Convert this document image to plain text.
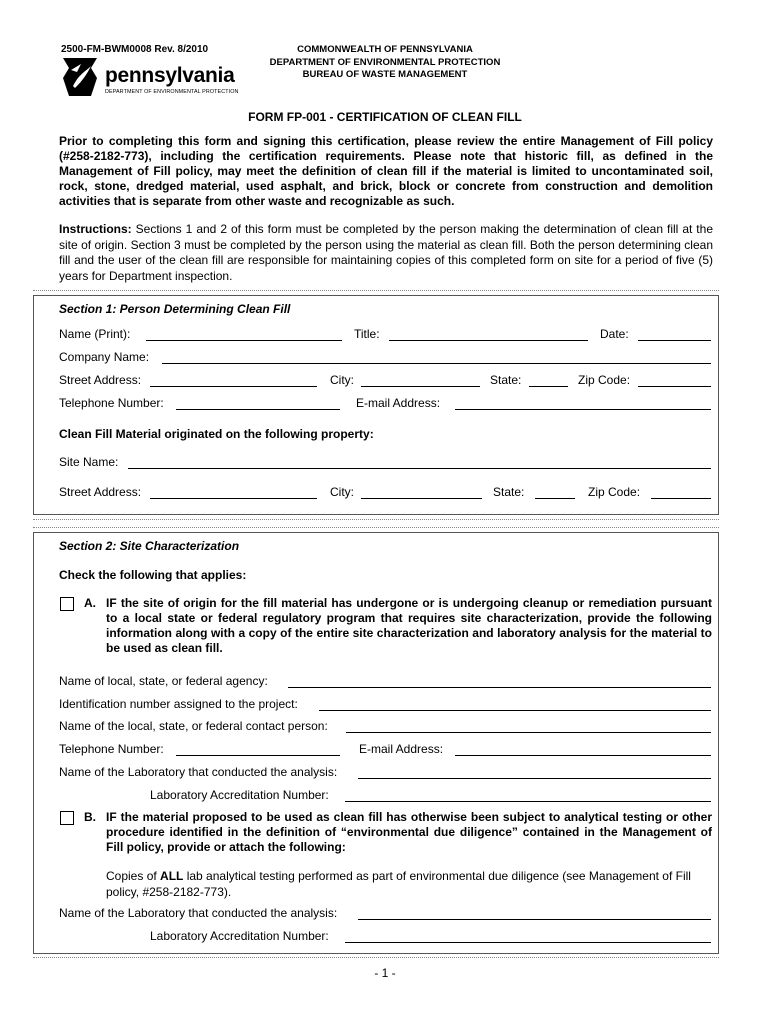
2500-FM-BWM0008 Rev. 8/2010	COMMONWEALTH OF PENNSYLVANIA
DEPARTMENT OF ENVIRONMENTAL PROTECTION
BUREAU OF WASTE MANAGEMENT
pennsylvania
DEPARTMENT OF ENVIRONMENTAL PROTECTION
FORM FP-001 - CERTIFICATION OF CLEAN FILL
Prior to completing this form and signing this certification, please review the entire Management of Fill policy (#258-2182-773), including the certification requirements. Please note that historic fill, as defined in the Management of Fill policy, may meet the definition of clean fill if the material is limited to uncontaminated soil, rock, stone, dredged material, used asphalt, and brick, block or concrete from construction and demolition activities that is separate from other waste and recognizable as such.
Instructions: Sections 1 and 2 of this form must be completed by the person making the determination of clean fill at the site of origin. Section 3 must be completed by the person using the material as clean fill. Both the person determining clean fill and the user of the clean fill are responsible for maintaining copies of this completed form on site for a period of five (5) years for Department inspection.
Section 1: Person Determining Clean Fill
Name (Print):	Title:	Date:
Company Name:
Street Address:	City:	State:	Zip Code:
Telephone Number:	E-mail Address:
Clean Fill Material originated on the following property:
Site Name:
Street Address:	City:	State:	Zip Code:
Section 2: Site Characterization
Check the following that applies:
A. IF the site of origin for the fill material has undergone or is undergoing cleanup or remediation pursuant to a local state or federal regulatory program that requires site characterization, provide the following information along with a copy of the entire site characterization and laboratory analysis for the material to be used as clean fill.
Name of local, state, or federal agency:
Identification number assigned to the project:
Name of the local, state, or federal contact person:
Telephone Number:	E-mail Address:
Name of the Laboratory that conducted the analysis:
Laboratory Accreditation Number:
B. IF the material proposed to be used as clean fill has otherwise been subject to analytical testing or other procedure identified in the definition of “environmental due diligence” contained in the Management of Fill policy, provide or attach the following:
Copies of ALL lab analytical testing performed as part of environmental due diligence (see Management of Fill policy, #258-2182-773).
Name of the Laboratory that conducted the analysis:
Laboratory Accreditation Number:
- 1 -
